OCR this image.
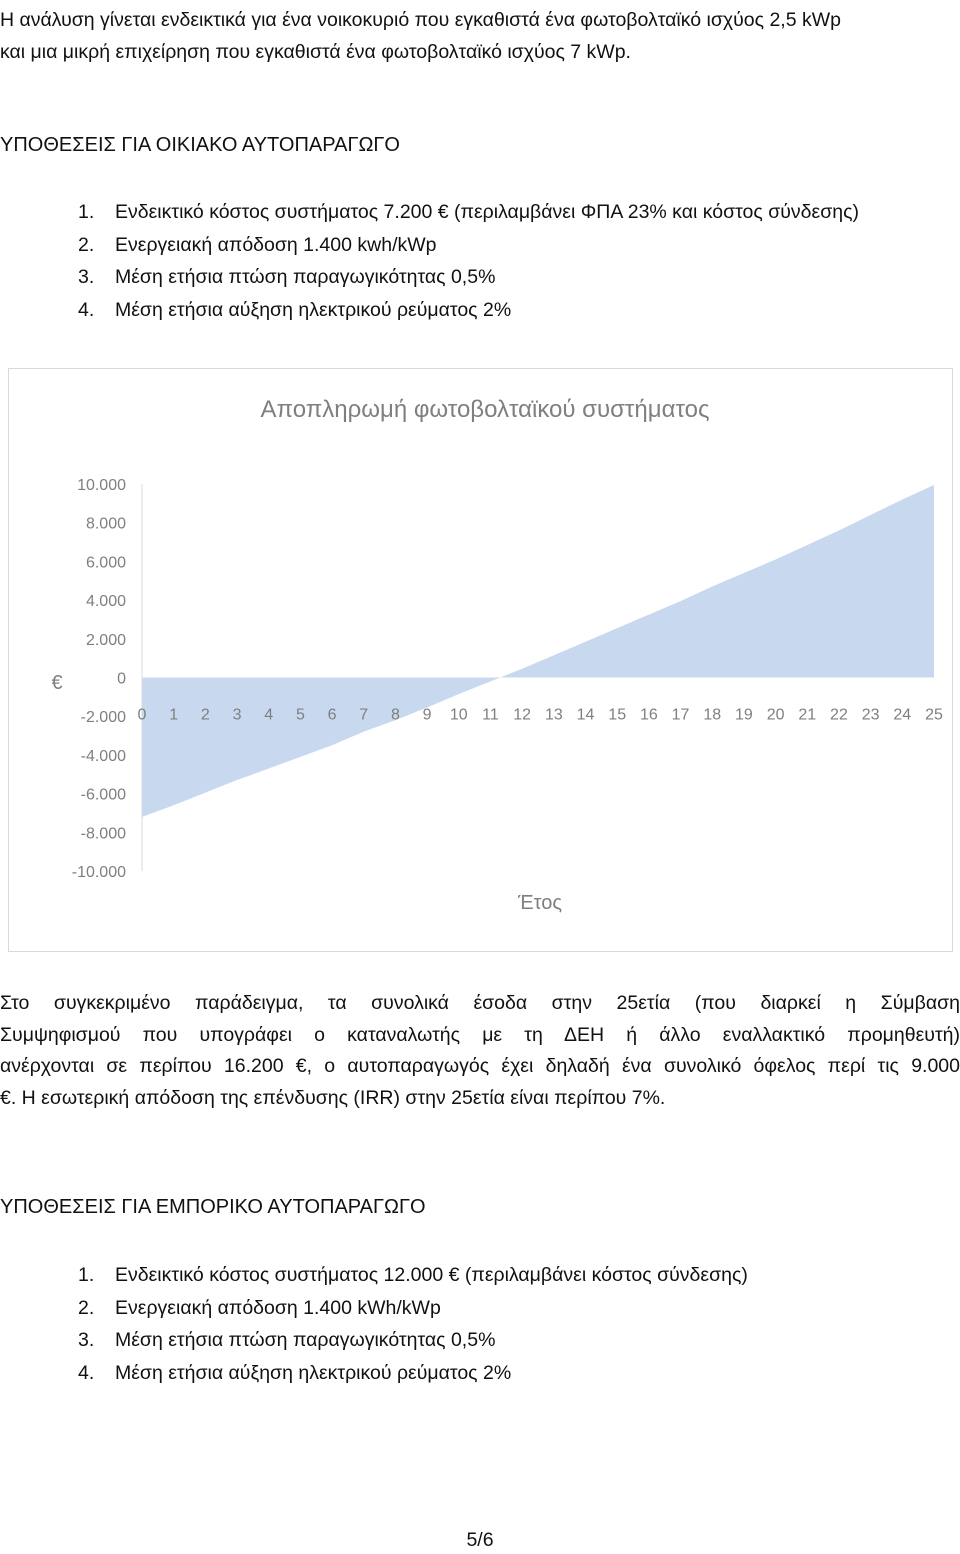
Η ανάλυση γίνεται ενδεικτικά για ένα νοικοκυριό που εγκαθιστά ένα φωτοβολταϊκό ισχύος 2,5 kWp
και μια μικρή επιχείρηση που εγκαθιστά ένα φωτοβολταϊκό ισχύος 7 kWp.
ΥΠΟΘΕΣΕΙΣ ΓΙΑ ΟΙΚΙΑΚΟ ΑΥΤΟΠΑΡΑΓΩΓΟ
1. Ενδεικτικό κόστος συστήματος 7.200 € (περιλαμβάνει ΦΠΑ 23% και κόστος σύνδεσης)
2. Ενεργειακή απόδοση 1.400 kwh/kWp
3. Μέση ετήσια πτώση παραγωγικότητας 0,5%
4. Μέση ετήσια αύξηση ηλεκτρικού ρεύματος 2%
Αποπληρωμή φωτοβολταϊκού συστήματος
10.000
8.000
6.000
4.000
2.000
0
-2.000
-4.000
-6.000
-8.000
-10.000
0 1 2 3 4 5 6 7 8 9 10 11 12 13 14 15 16 17 18 19 20 21 22 23 24 25
€
Έτος
Στο συγκεκριμένο παράδειγμα, τα συνολικά έσοδα στην 25ετία (που διαρκεί η Σύμβαση
Συμψηφισμού που υπογράφει ο καταναλωτής με τη ΔΕΗ ή άλλο εναλλακτικό προμηθευτή)
ανέρχονται σε περίπου 16.200 €, ο αυτοπαραγωγός έχει δηλαδή ένα συνολικό όφελος περί τις 9.000
€. Η εσωτερική απόδοση της επένδυσης (IRR) στην 25ετία είναι περίπου 7%.
ΥΠΟΘΕΣΕΙΣ ΓΙΑ ΕΜΠΟΡΙΚΟ ΑΥΤΟΠΑΡΑΓΩΓΟ
1. Ενδεικτικό κόστος συστήματος 12.000 € (περιλαμβάνει κόστος σύνδεσης)
2. Ενεργειακή απόδοση 1.400 kWh/kWp
3. Μέση ετήσια πτώση παραγωγικότητας 0,5%
4. Μέση ετήσια αύξηση ηλεκτρικού ρεύματος 2%
5/6
